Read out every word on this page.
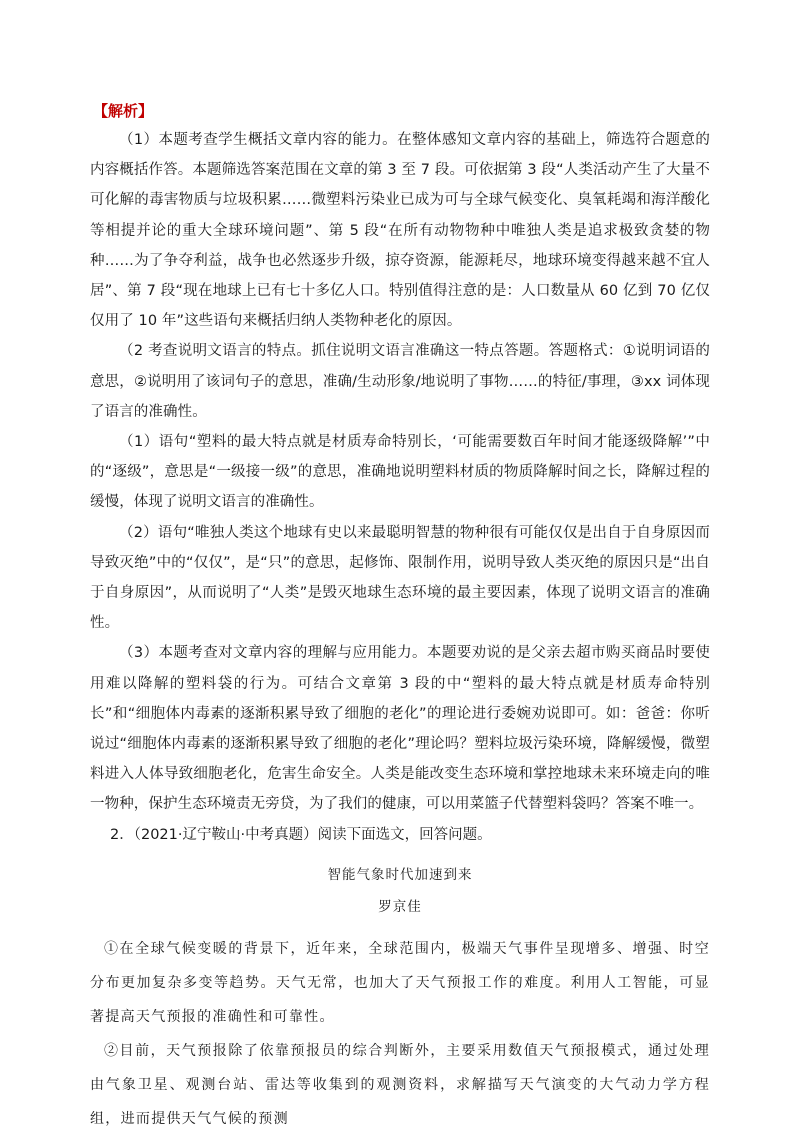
【解析】

（1）本题考查学生概括文章内容的能力。在整体感知文章内容的基础上，筛选符合题意的内容概括作答。本题筛选答案范围在文章的第 3 至 7 段。可依据第 3 段“人类活动产生了大量不可化解的毒害物质与垃圾积累……微塑料污染业已成为可与全球气候变化、臭氧耗竭和海洋酸化等相提并论的重大全球环境问题”、第 5 段“在所有动物物种中唯独人类是追求极致贪婪的物种……为了争夺利益，战争也必然逐步升级，掠夺资源，能源耗尽，地球环境变得越来越不宜人居”、第 7 段“现在地球上已有七十多亿人口。特别值得注意的是：人口数量从 60 亿到 70 亿仅仅用了 10 年”这些语句来概括归纳人类物种老化的原因。

（2 考查说明文语言的特点。抓住说明文语言准确这一特点答题。答题格式：①说明词语的意思，②说明用了该词句子的意思，准确/生动形象/地说明了事物……的特征/事理，③xx 词体现了语言的准确性。

（1）语句“塑料的最大特点就是材质寿命特别长，‘可能需要数百年时间才能逐级降解’”中的“逐级”，意思是“一级接一级”的意思，准确地说明塑料材质的物质降解时间之长，降解过程的缓慢，体现了说明文语言的准确性。

（2）语句“唯独人类这个地球有史以来最聪明智慧的物种很有可能仅仅是出自于自身原因而导致灭绝”中的“仅仅”，是“只”的意思，起修饰、限制作用，说明导致人类灭绝的原因只是“出自于自身原因”，从而说明了“人类”是毁灭地球生态环境的最主要因素，体现了说明文语言的准确性。

（3）本题考查对文章内容的理解与应用能力。本题要劝说的是父亲去超市购买商品时要使用难以降解的塑料袋的行为。可结合文章第 3 段的中“塑料的最大特点就是材质寿命特别长”和“细胞体内毒素的逐渐积累导致了细胞的老化”的理论进行委婉劝说即可。如：爸爸：你听说过“细胞体内毒素的逐渐积累导致了细胞的老化”理论吗？塑料垃圾污染环境，降解缓慢，微塑料进入人体导致细胞老化，危害生命安全。人类是能改变生态环境和掌控地球未来环境走向的唯一物种，保护生态环境责无旁贷，为了我们的健康，可以用菜篮子代替塑料袋吗？答案不唯一。

2．（2021·辽宁鞍山·中考真题）阅读下面选文，回答问题。

智能气象时代加速到来

罗京佳

①在全球气候变暖的背景下，近年来，全球范围内，极端天气事件呈现增多、增强、时空分布更加复杂多变等趋势。天气无常，也加大了天气预报工作的难度。利用人工智能，可显著提高天气预报的准确性和可靠性。

②目前，天气预报除了依靠预报员的综合判断外，主要采用数值天气预报模式，通过处理由气象卫星、观测台站、雷达等收集到的观测资料，求解描写天气演变的大气动力学方程组，进而提供天气气候的预测
